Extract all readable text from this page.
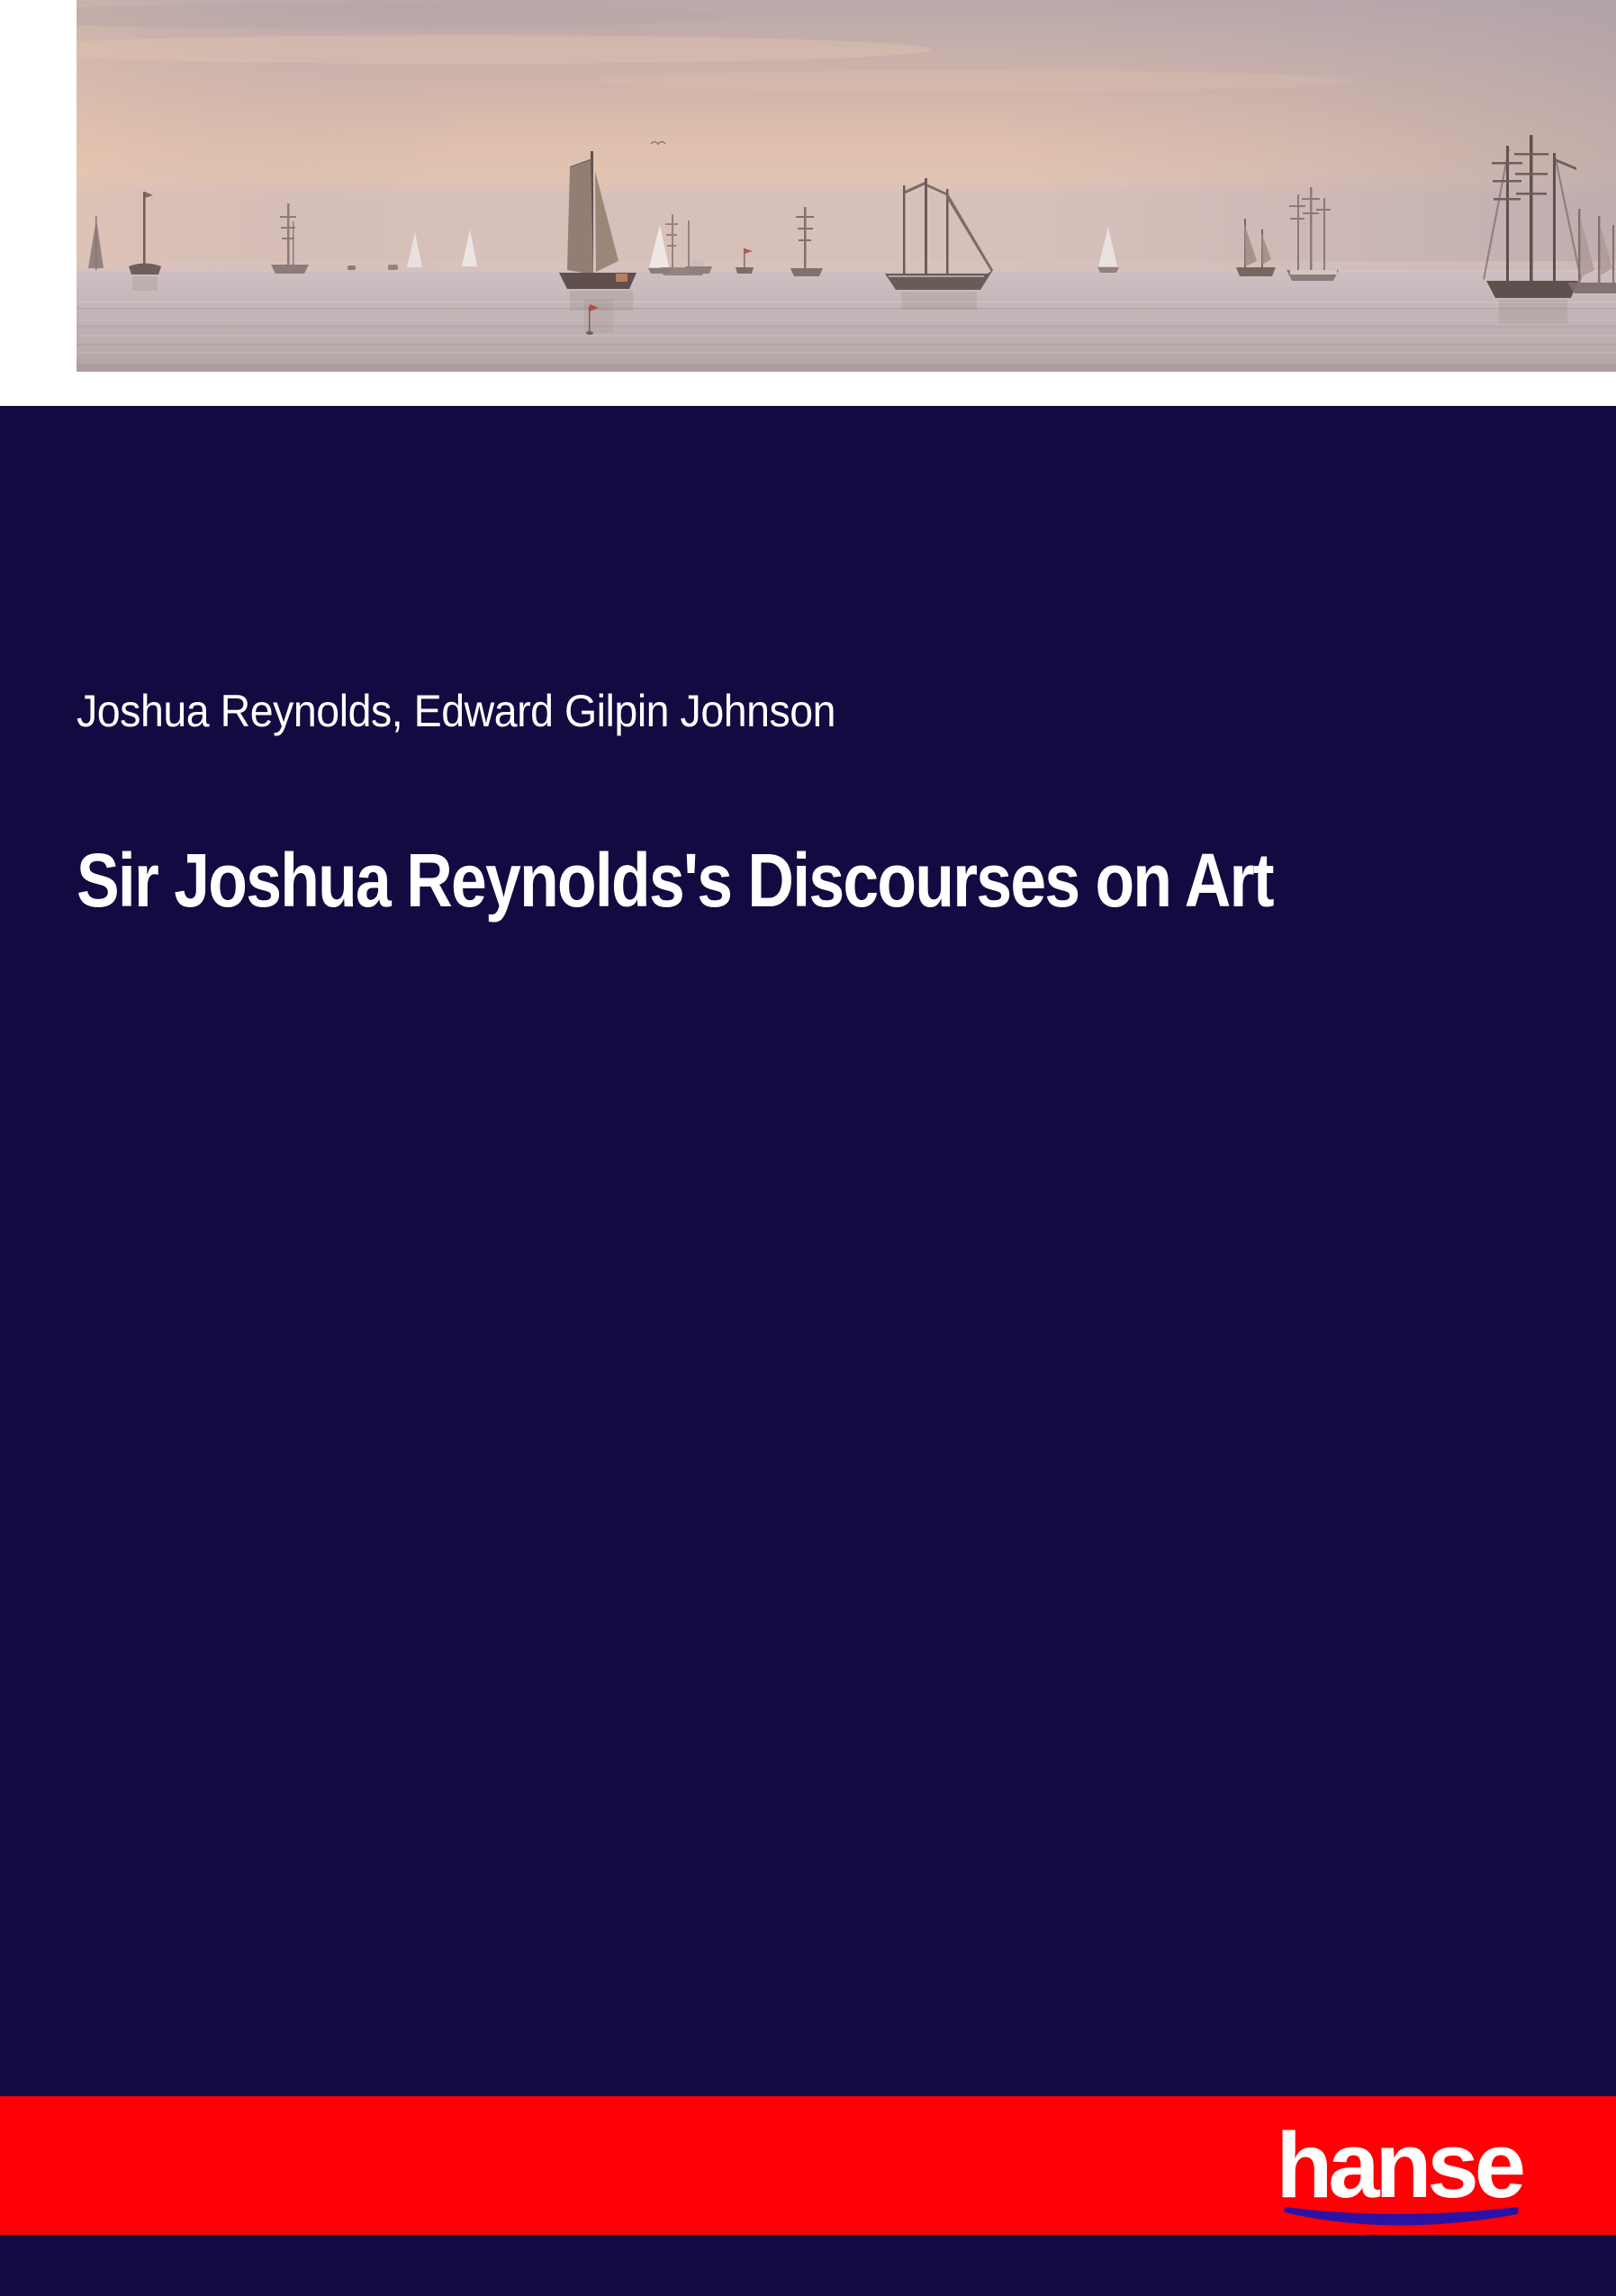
Joshua Reynolds, Edward Gilpin Johnson
Sir Joshua Reynolds's Discourses on Art
hanse
